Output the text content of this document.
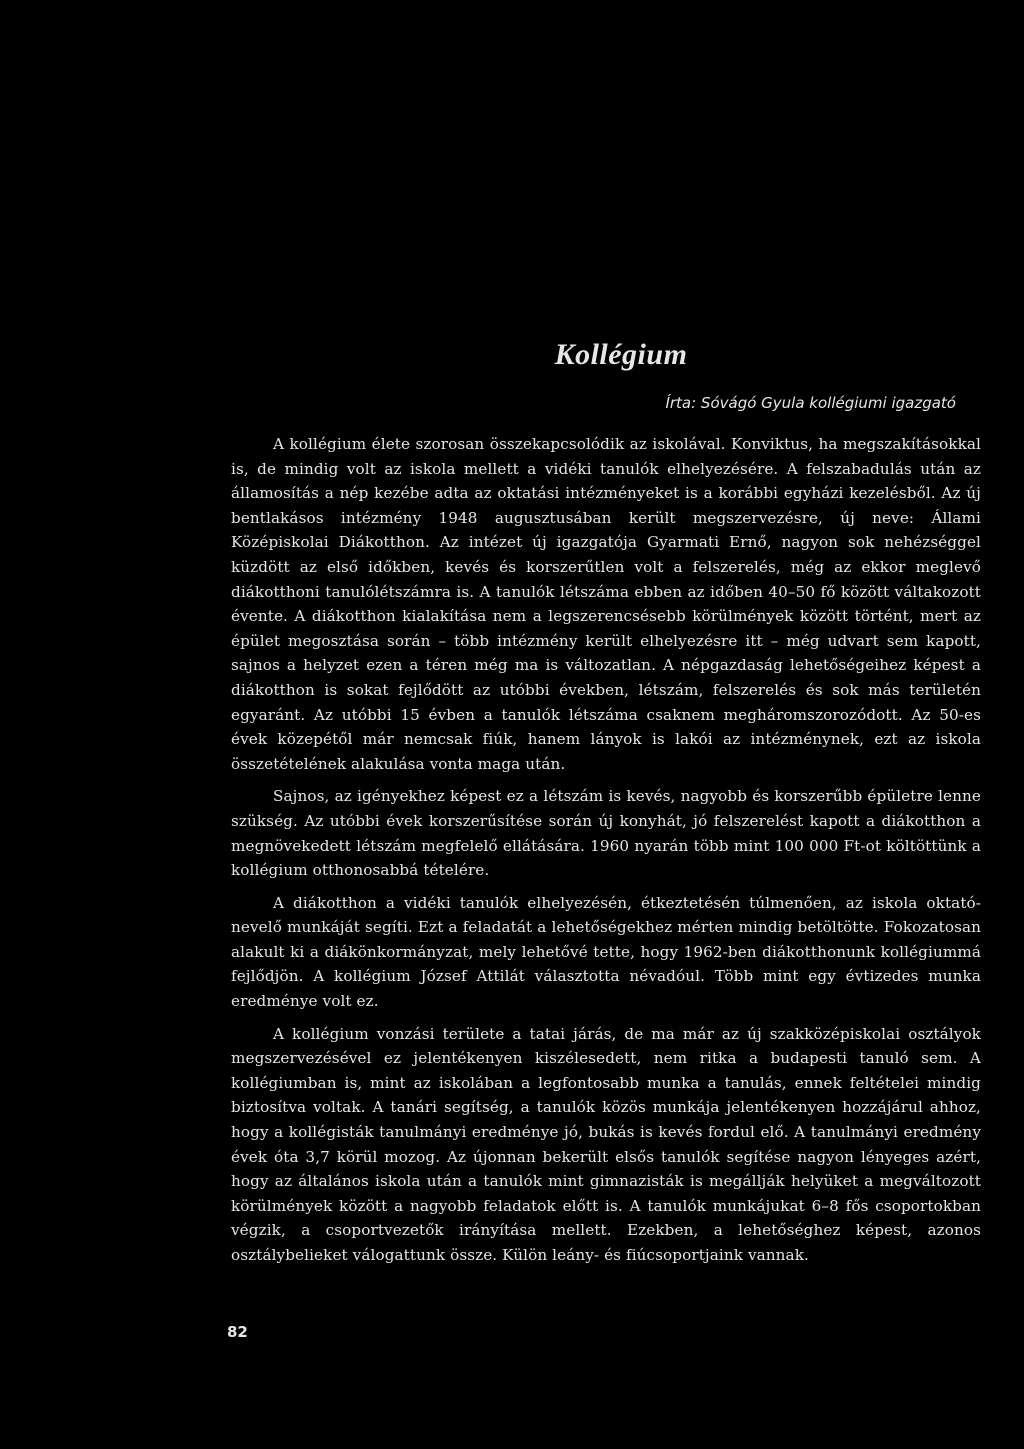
Kollégium
Írta: Sóvágó Gyula kollégiumi igazgató

A kollégium élete szorosan összekapcsolódik az iskolával. Konviktus, ha megszakításokkal is, de mindig volt az iskola mellett a vidéki tanulók elhelyezésére. A felszabadulás után az államosítás a nép kezébe adta az oktatási intézményeket is a korábbi egyházi kezelésből. Az új bentlakásos intézmény 1948 augusztusában került megszervezésre, új neve: Állami Középiskolai Diákotthon. Az intézet új igazgatója Gyarmati Ernő, nagyon sok nehézséggel küzdött az első időkben, kevés és korszerűtlen volt a felszerelés, még az ekkor meglevő diákotthoni tanulólétszámra is. A tanulók létszáma ebben az időben 40–50 fő között váltakozott évente. A diákotthon kialakítása nem a legszerencsésebb körülmények között történt, mert az épület megosztása során – több intézmény került elhelyezésre itt – még udvart sem kapott, sajnos a helyzet ezen a téren még ma is változatlan. A népgazdaság lehetőségeihez képest a diákotthon is sokat fejlődött az utóbbi években, létszám, felszerelés és sok más területén egyaránt. Az utóbbi 15 évben a tanulók létszáma csaknem megháromszorozódott. Az 50-es évek közepétől már nemcsak fiúk, hanem lányok is lakói az intézménynek, ezt az iskola összetételének alakulása vonta maga után.

Sajnos, az igényekhez képest ez a létszám is kevés, nagyobb és korszerűbb épületre lenne szükség. Az utóbbi évek korszerűsítése során új konyhát, jó felszerelést kapott a diákotthon a megnövekedett létszám megfelelő ellátására. 1960 nyarán több mint 100 000 Ft-ot költöttünk a kollégium otthonosabbá tételére.

A diákotthon a vidéki tanulók elhelyezésén, étkeztetésén túlmenően, az iskola oktató-nevelő munkáját segíti. Ezt a feladatát a lehetőségekhez mérten mindig betöltötte. Fokozatosan alakult ki a diákönkormányzat, mely lehetővé tette, hogy 1962-ben diákotthonunk kollégiummá fejlődjön. A kollégium József Attilát választotta névadóul. Több mint egy évtizedes munka eredménye volt ez.

A kollégium vonzási területe a tatai járás, de ma már az új szakközépiskolai osztályok megszervezésével ez jelentékenyen kiszélesedett, nem ritka a budapesti tanuló sem. A kollégiumban is, mint az iskolában a legfontosabb munka a tanulás, ennek feltételei mindig biztosítva voltak. A tanári segítség, a tanulók közös munkája jelentékenyen hozzájárul ahhoz, hogy a kollégisták tanulmányi eredménye jó, bukás is kevés fordul elő. A tanulmányi eredmény évek óta 3,7 körül mozog. Az újonnan bekerült elsős tanulók segítése nagyon lényeges azért, hogy az általános iskola után a tanulók mint gimnazisták is megállják helyüket a megváltozott körülmények között a nagyobb feladatok előtt is. A tanulók munkájukat 6–8 fős csoportokban végzik, a csoportvezetők irányítása mellett. Ezekben, a lehetőséghez képest, azonos osztálybelieket válogattunk össze. Külön leány- és fiúcsoportjaink vannak.

82
